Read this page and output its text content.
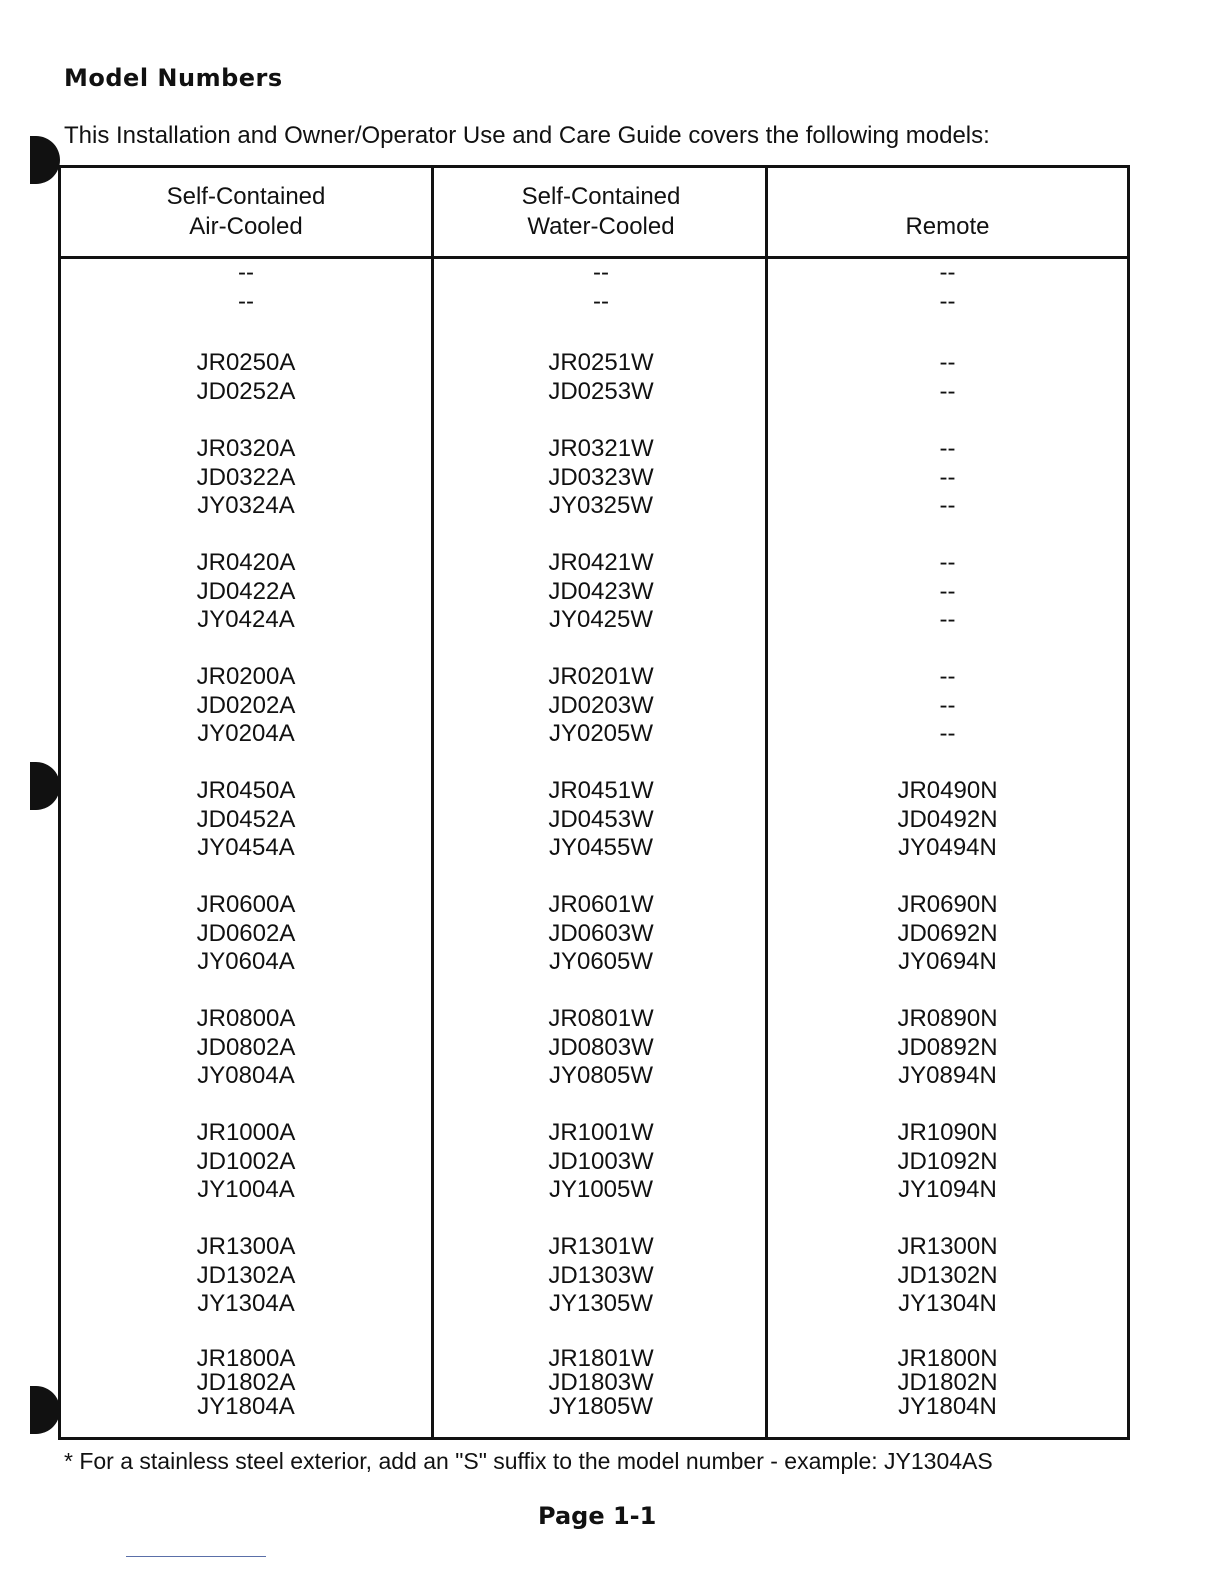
Model Numbers
This Installation and Owner/Operator Use and Care Guide covers the following models:
Self-Contained
Air-Cooled
--
--
JR0250A
JD0252A
JR0320A
JD0322A
JY0324A
JR0420A
JD0422A
JY0424A
JR0200A
JD0202A
JY0204A
JR0450A
JD0452A
JY0454A
JR0600A
JD0602A
JY0604A
JR0800A
JD0802A
JY0804A
JR1000A
JD1002A
JY1004A
JR1300A
JD1302A
JY1304A
JR1800A
JD1802A
JY1804A
Self-Contained
Water-Cooled
--
--
JR0251W
JD0253W
JR0321W
JD0323W
JY0325W
JR0421W
JD0423W
JY0425W
JR0201W
JD0203W
JY0205W
JR0451W
JD0453W
JY0455W
JR0601W
JD0603W
JY0605W
JR0801W
JD0803W
JY0805W
JR1001W
JD1003W
JY1005W
JR1301W
JD1303W
JY1305W
JR1801W
JD1803W
JY1805W
Remote
--
--
--
--
--
--
--
--
--
--
--
--
--
JR0490N
JD0492N
JY0494N
JR0690N
JD0692N
JY0694N
JR0890N
JD0892N
JY0894N
JR1090N
JD1092N
JY1094N
JR1300N
JD1302N
JY1304N
JR1800N
JD1802N
JY1804N
* For a stainless steel exterior, add an "S" suffix to the model number - example: JY1304AS
Page 1-1
